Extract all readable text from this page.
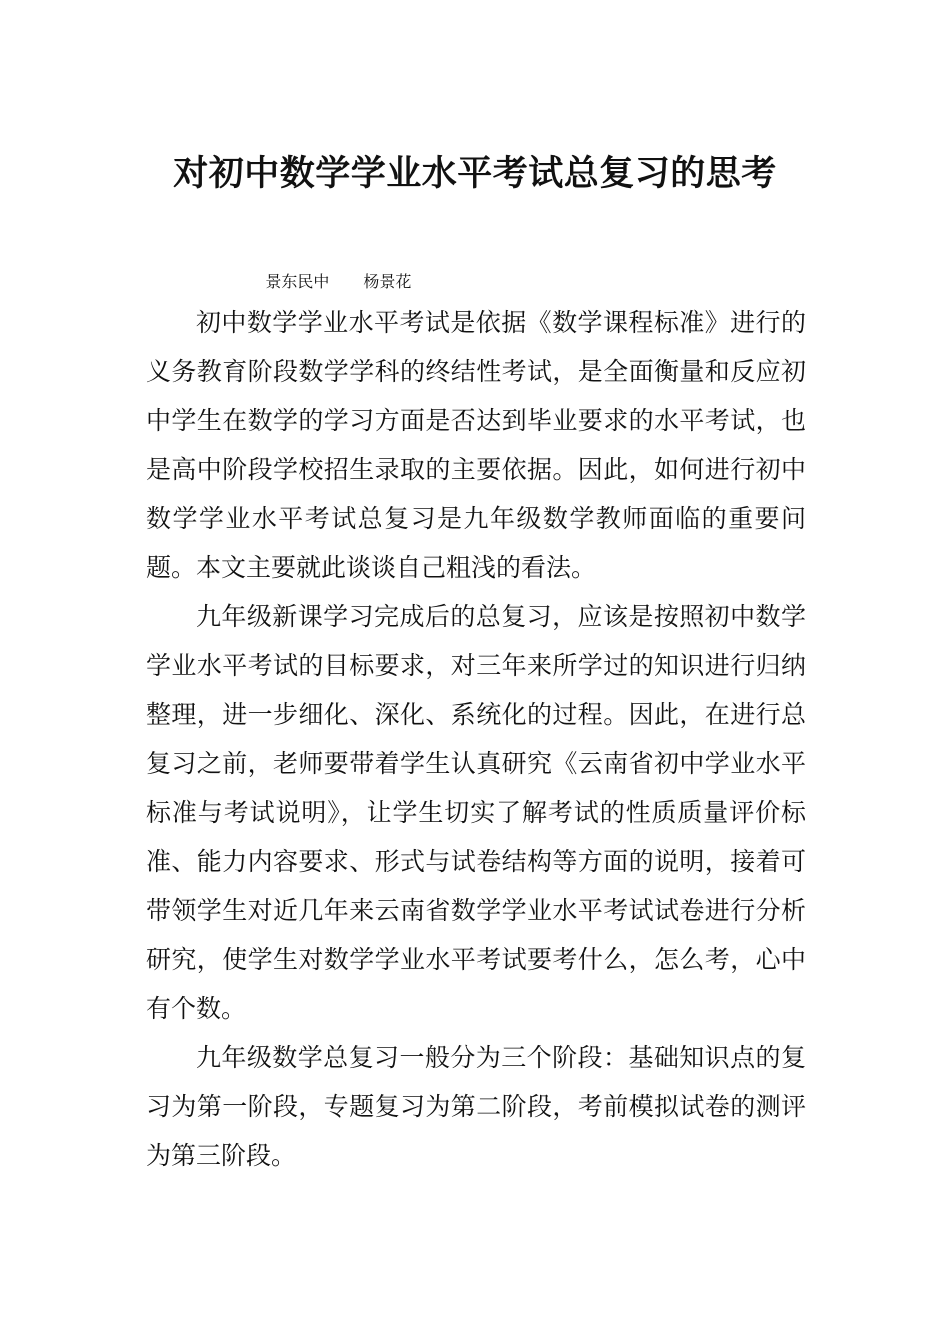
对初中数学学业水平考试总复习的思考

景东民中 杨景花

初中数学学业水平考试是依据《数学课程标准》进行的义务教育阶段数学学科的终结性考试，是全面衡量和反应初中学生在数学的学习方面是否达到毕业要求的水平考试，也是高中阶段学校招生录取的主要依据。因此，如何进行初中数学学业水平考试总复习是九年级数学教师面临的重要问题。本文主要就此谈谈自己粗浅的看法。

九年级新课学习完成后的总复习，应该是按照初中数学学业水平考试的目标要求，对三年来所学过的知识进行归纳整理，进一步细化、深化、系统化的过程。因此，在进行总复习之前，老师要带着学生认真研究《云南省初中学业水平标准与考试说明》，让学生切实了解考试的性质质量评价标准、能力内容要求、形式与试卷结构等方面的说明，接着可带领学生对近几年来云南省数学学业水平考试试卷进行分析研究，使学生对数学学业水平考试要考什么，怎么考，心中有个数。

九年级数学总复习一般分为三个阶段：基础知识点的复习为第一阶段，专题复习为第二阶段，考前模拟试卷的测评为第三阶段。
